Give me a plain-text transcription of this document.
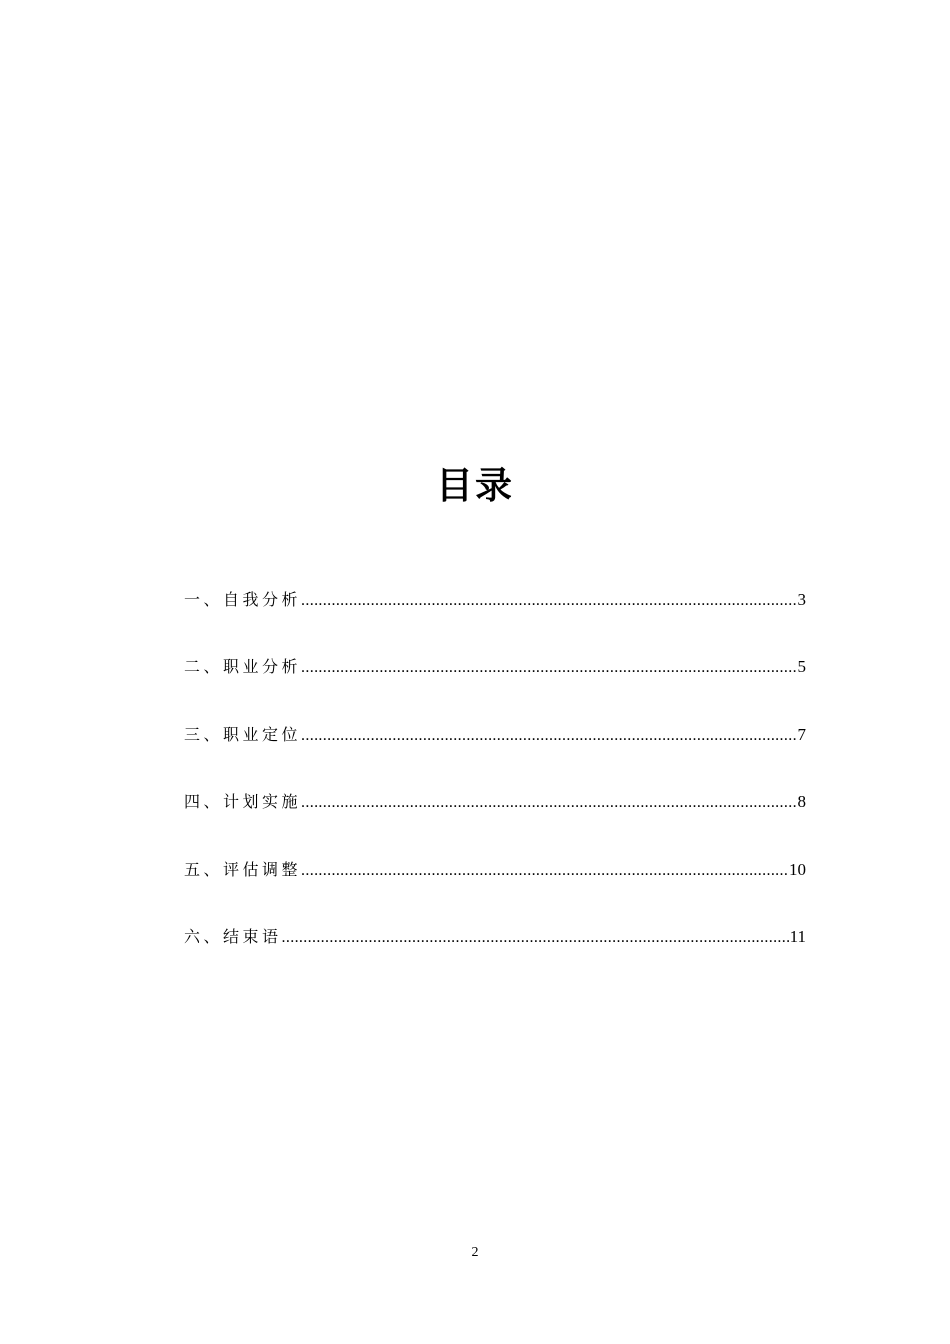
目录
一、自我分析 .....	3
二、职业分析 .....	5
三、职业定位 .....	7
四、计划实施 .....	8
五、评估调整 .....	10
六、结束语 .....	11
2
